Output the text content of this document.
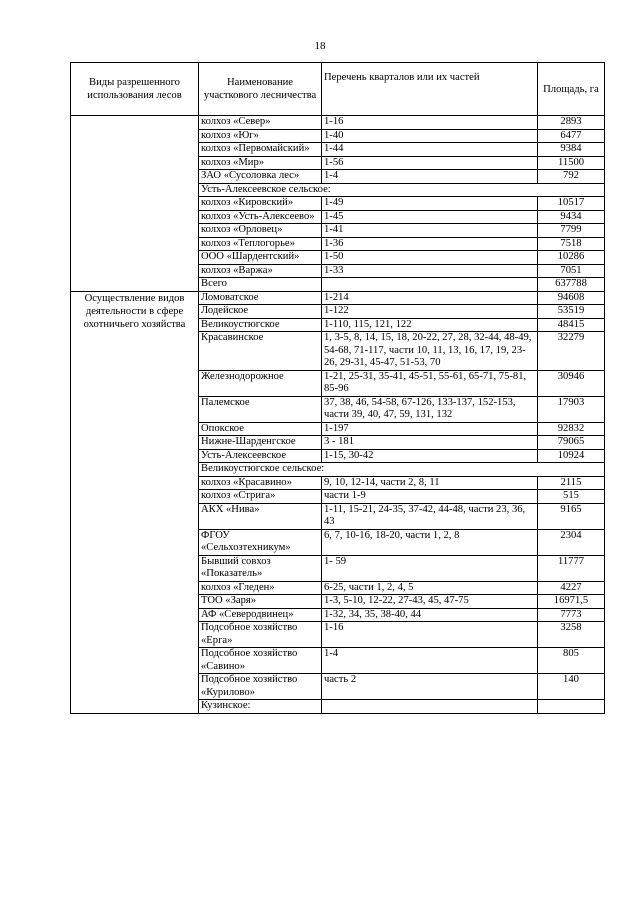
18
Виды разрешенного использования лесов	Наименование участкового лесничества	Перечень кварталов или их частей	Площадь, га
	колхоз «Север»	1-16	2893
	колхоз «Юг»	1-40	6477
	колхоз «Первомайский»	1-44	9384
	колхоз «Мир»	1-56	11500
	ЗАО «Сусоловка лес»	1-4	792
	Усть-Алексеевское сельское:		
	колхоз «Кировский»	1-49	10517
	колхоз «Усть-Алексеево»	1-45	9434
	колхоз «Орловец»	1-41	7799
	колхоз «Теплогорье»	1-36	7518
	ООО «Шардентский»	1-50	10286
	колхоз «Варжа»	1-33	7051
	Всего		637788
Осуществление видов деятельности в сфере охотничьего хозяйства	Ломоватское	1-214	94608
	Лодейское	1-122	53519
	Великоустюгское	1-110, 115, 121, 122	48415
	Красавинское	1, 3-5, 8, 14, 15, 18, 20-22, 27, 28, 32-44, 48-49, 54-68, 71-117, части 10, 11, 13, 16, 17, 19, 23-26, 29-31, 45-47, 51-53, 70	32279
	Железнодорожное	1-21, 25-31, 35-41, 45-51, 55-61, 65-71, 75-81, 85-96	30946
	Палемское	37, 38, 46, 54-58, 67-126, 133-137, 152-153, части 39, 40, 47, 59, 131, 132	17903
	Опокское	1-197	92832
	Нижне-Шарденгское	3 - 181	79065
	Усть-Алексеевское	1-15, 30-42	10924
	Великоустюгское сельское:		
	колхоз «Красавино»	9, 10, 12-14, части 2, 8, 11	2115
	колхоз «Стрига»	части 1-9	515
	АКХ «Нива»	1-11, 15-21, 24-35, 37-42, 44-48, части 23, 36, 43	9165
	ФГОУ «Сельхозтехникум»	6, 7, 10-16, 18-20, части 1, 2, 8	2304
	Бывший совхоз «Показатель»	1- 59	11777
	колхоз «Гледен»	6-25, части 1, 2, 4, 5	4227
	ТОО «Заря»	1-3, 5-10, 12-22, 27-43, 45, 47-75	16971,5
	АФ «Северодвинец»	1-32, 34, 35, 38-40, 44	7773
	Подсобное хозяйство «Ерга»	1-16	3258
	Подсобное хозяйство «Савино»	1-4	805
	Подсобное хозяйство «Курилово»	часть 2	140
	Кузинское:		
